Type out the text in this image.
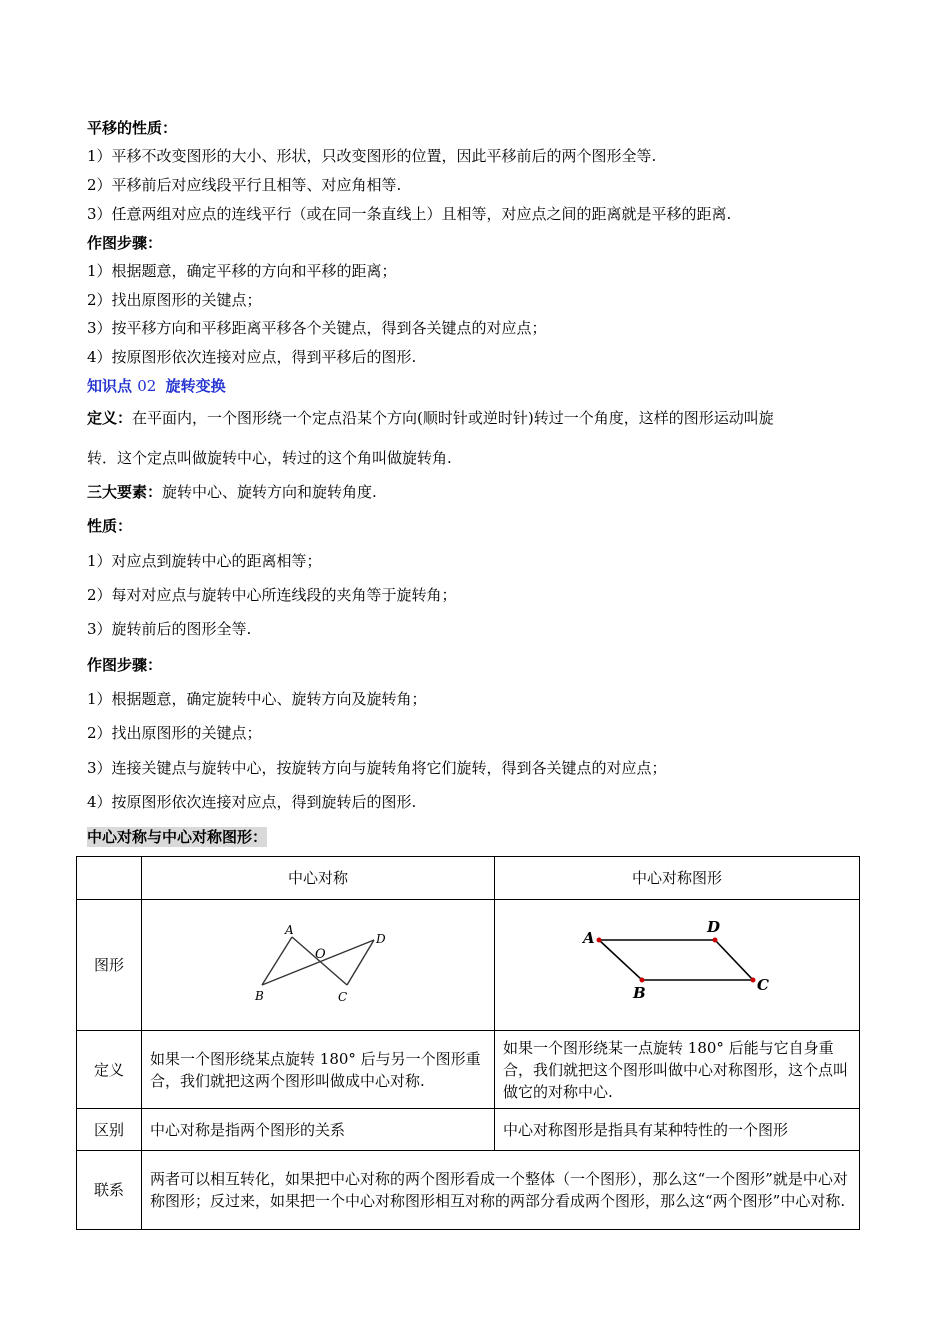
平移的性质：
1）平移不改变图形的大小、形状，只改变图形的位置，因此平移前后的两个图形全等.
2）平移前后对应线段平行且相等、对应角相等.
3）任意两组对应点的连线平行（或在同一条直线上）且相等，对应点之间的距离就是平移的距离.
作图步骤：
1）根据题意，确定平移的方向和平移的距离；
2）找出原图形的关键点；
3）按平移方向和平移距离平移各个关键点，得到各关键点的对应点；
4）按原图形依次连接对应点，得到平移后的图形.
知识点 02 旋转变换
定义：在平面内，一个图形绕一个定点沿某个方向(顺时针或逆时针)转过一个角度，这样的图形运动叫旋
转．这个定点叫做旋转中心，转过的这个角叫做旋转角.
三大要素：旋转中心、旋转方向和旋转角度.
性质：
1）对应点到旋转中心的距离相等；
2）每对对应点与旋转中心所连线段的夹角等于旋转角；
3）旋转前后的图形全等.
作图步骤：
1）根据题意，确定旋转中心、旋转方向及旋转角；
2）找出原图形的关键点；
3）连接关键点与旋转中心，按旋转方向与旋转角将它们旋转，得到各关键点的对应点；
4）按原图形依次连接对应点，得到旋转后的图形.
中心对称与中心对称图形：
	中心对称	中心对称图形
图形	A
O
D
B C	A
D
C
B

定义	如果一个图形绕某点旋转 180° 后与另一个图形重合，我们就把这两个图形叫做成中心对称.	如果一个图形绕某一点旋转 180° 后能与它自身重合，我们就把这个图形叫做中心对称图形，这个点叫做它的对称中心.
区别	中心对称是指两个图形的关系	中心对称图形是指具有某种特性的一个图形
联系	两者可以相互转化，如果把中心对称的两个图形看成一个整体（一个图形），那么这“一个图形”就是中心对称图形；反过来，如果把一个中心对称图形相互对称的两部分看成两个图形，那么这“两个图形”中心对称.	
